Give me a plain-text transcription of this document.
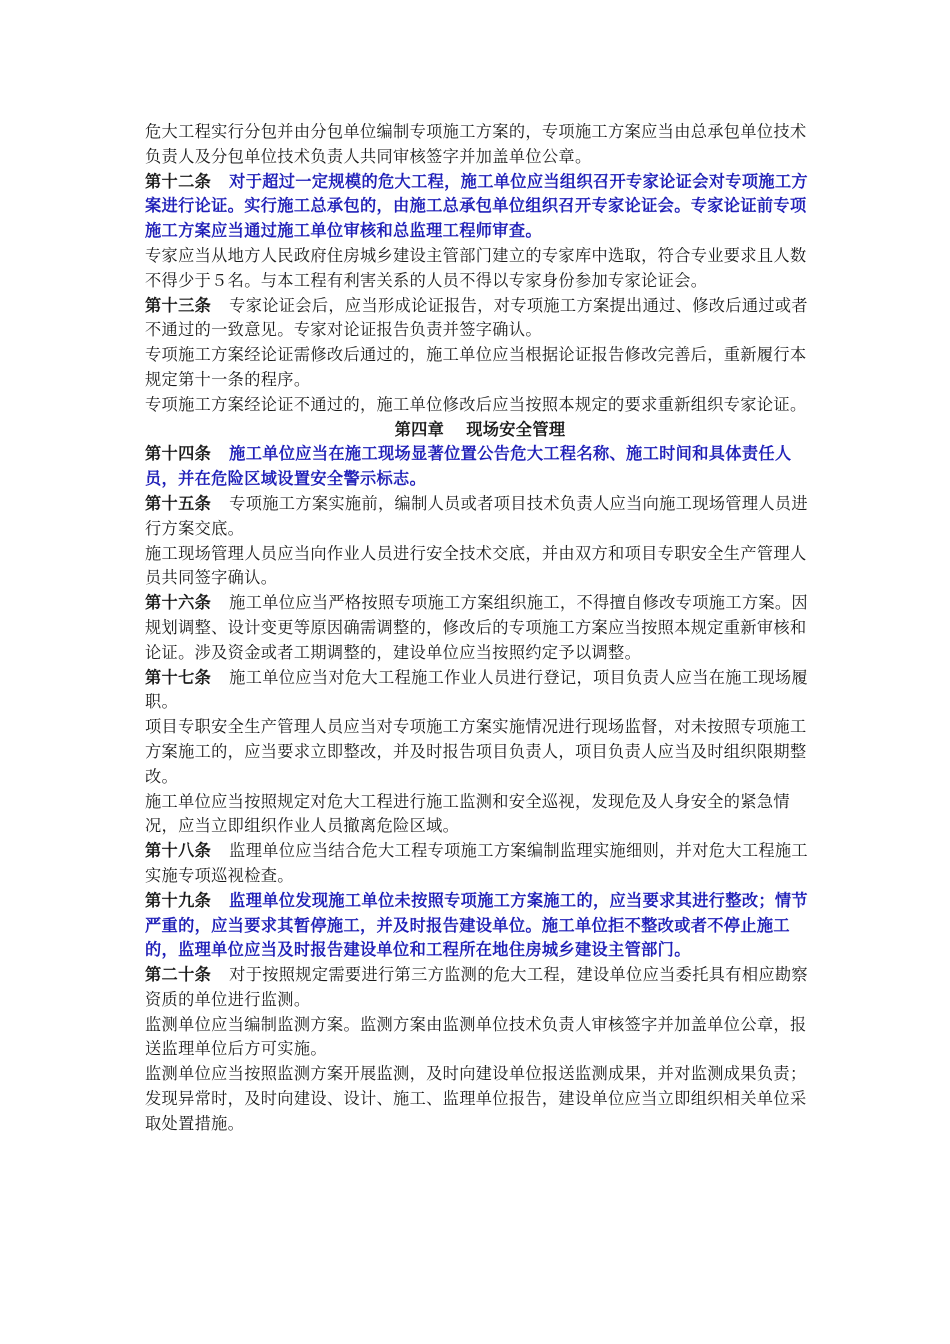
危大工程实行分包并由分包单位编制专项施工方案的，专项施工方案应当由总承包单位技术负责人及分包单位技术负责人共同审核签字并加盖单位公章。

第十二条 对于超过一定规模的危大工程，施工单位应当组织召开专家论证会对专项施工方案进行论证。实行施工总承包的，由施工总承包单位组织召开专家论证会。专家论证前专项施工方案应当通过施工单位审核和总监理工程师审查。

专家应当从地方人民政府住房城乡建设主管部门建立的专家库中选取，符合专业要求且人数不得少于５名。与本工程有利害关系的人员不得以专家身份参加专家论证会。

第十三条 专家论证会后，应当形成论证报告，对专项施工方案提出通过、修改后通过或者不通过的一致意见。专家对论证报告负责并签字确认。

专项施工方案经论证需修改后通过的，施工单位应当根据论证报告修改完善后，重新履行本规定第十一条的程序。

专项施工方案经论证不通过的，施工单位修改后应当按照本规定的要求重新组织专家论证。

第四章 现场安全管理

第十四条 施工单位应当在施工现场显著位置公告危大工程名称、施工时间和具体责任人员，并在危险区域设置安全警示标志。

第十五条 专项施工方案实施前，编制人员或者项目技术负责人应当向施工现场管理人员进行方案交底。

施工现场管理人员应当向作业人员进行安全技术交底，并由双方和项目专职安全生产管理人员共同签字确认。

第十六条 施工单位应当严格按照专项施工方案组织施工，不得擅自修改专项施工方案。因规划调整、设计变更等原因确需调整的，修改后的专项施工方案应当按照本规定重新审核和论证。涉及资金或者工期调整的，建设单位应当按照约定予以调整。

第十七条 施工单位应当对危大工程施工作业人员进行登记，项目负责人应当在施工现场履职。

项目专职安全生产管理人员应当对专项施工方案实施情况进行现场监督，对未按照专项施工方案施工的，应当要求立即整改，并及时报告项目负责人，项目负责人应当及时组织限期整改。

施工单位应当按照规定对危大工程进行施工监测和安全巡视，发现危及人身安全的紧急情况，应当立即组织作业人员撤离危险区域。

第十八条 监理单位应当结合危大工程专项施工方案编制监理实施细则，并对危大工程施工实施专项巡视检查。

第十九条 监理单位发现施工单位未按照专项施工方案施工的，应当要求其进行整改；情节严重的，应当要求其暂停施工，并及时报告建设单位。施工单位拒不整改或者不停止施工的，监理单位应当及时报告建设单位和工程所在地住房城乡建设主管部门。

第二十条 对于按照规定需要进行第三方监测的危大工程，建设单位应当委托具有相应勘察资质的单位进行监测。

监测单位应当编制监测方案。监测方案由监测单位技术负责人审核签字并加盖单位公章，报送监理单位后方可实施。

监测单位应当按照监测方案开展监测，及时向建设单位报送监测成果，并对监测成果负责；发现异常时，及时向建设、设计、施工、监理单位报告，建设单位应当立即组织相关单位采取处置措施。
